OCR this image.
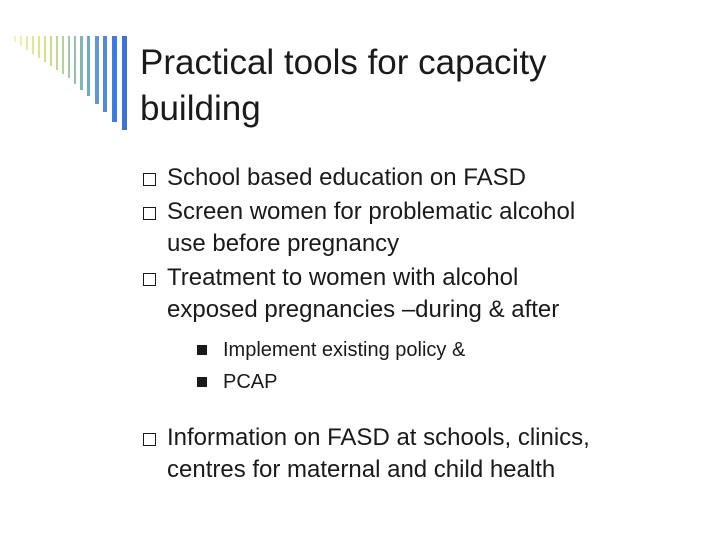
Practical tools for capacity
building
School based education on FASD
Screen women for problematic alcohol
use before pregnancy
Treatment to women with alcohol
exposed pregnancies –during & after
Implement existing policy &
PCAP
Information on FASD at schools, clinics,
centres for maternal and child health
